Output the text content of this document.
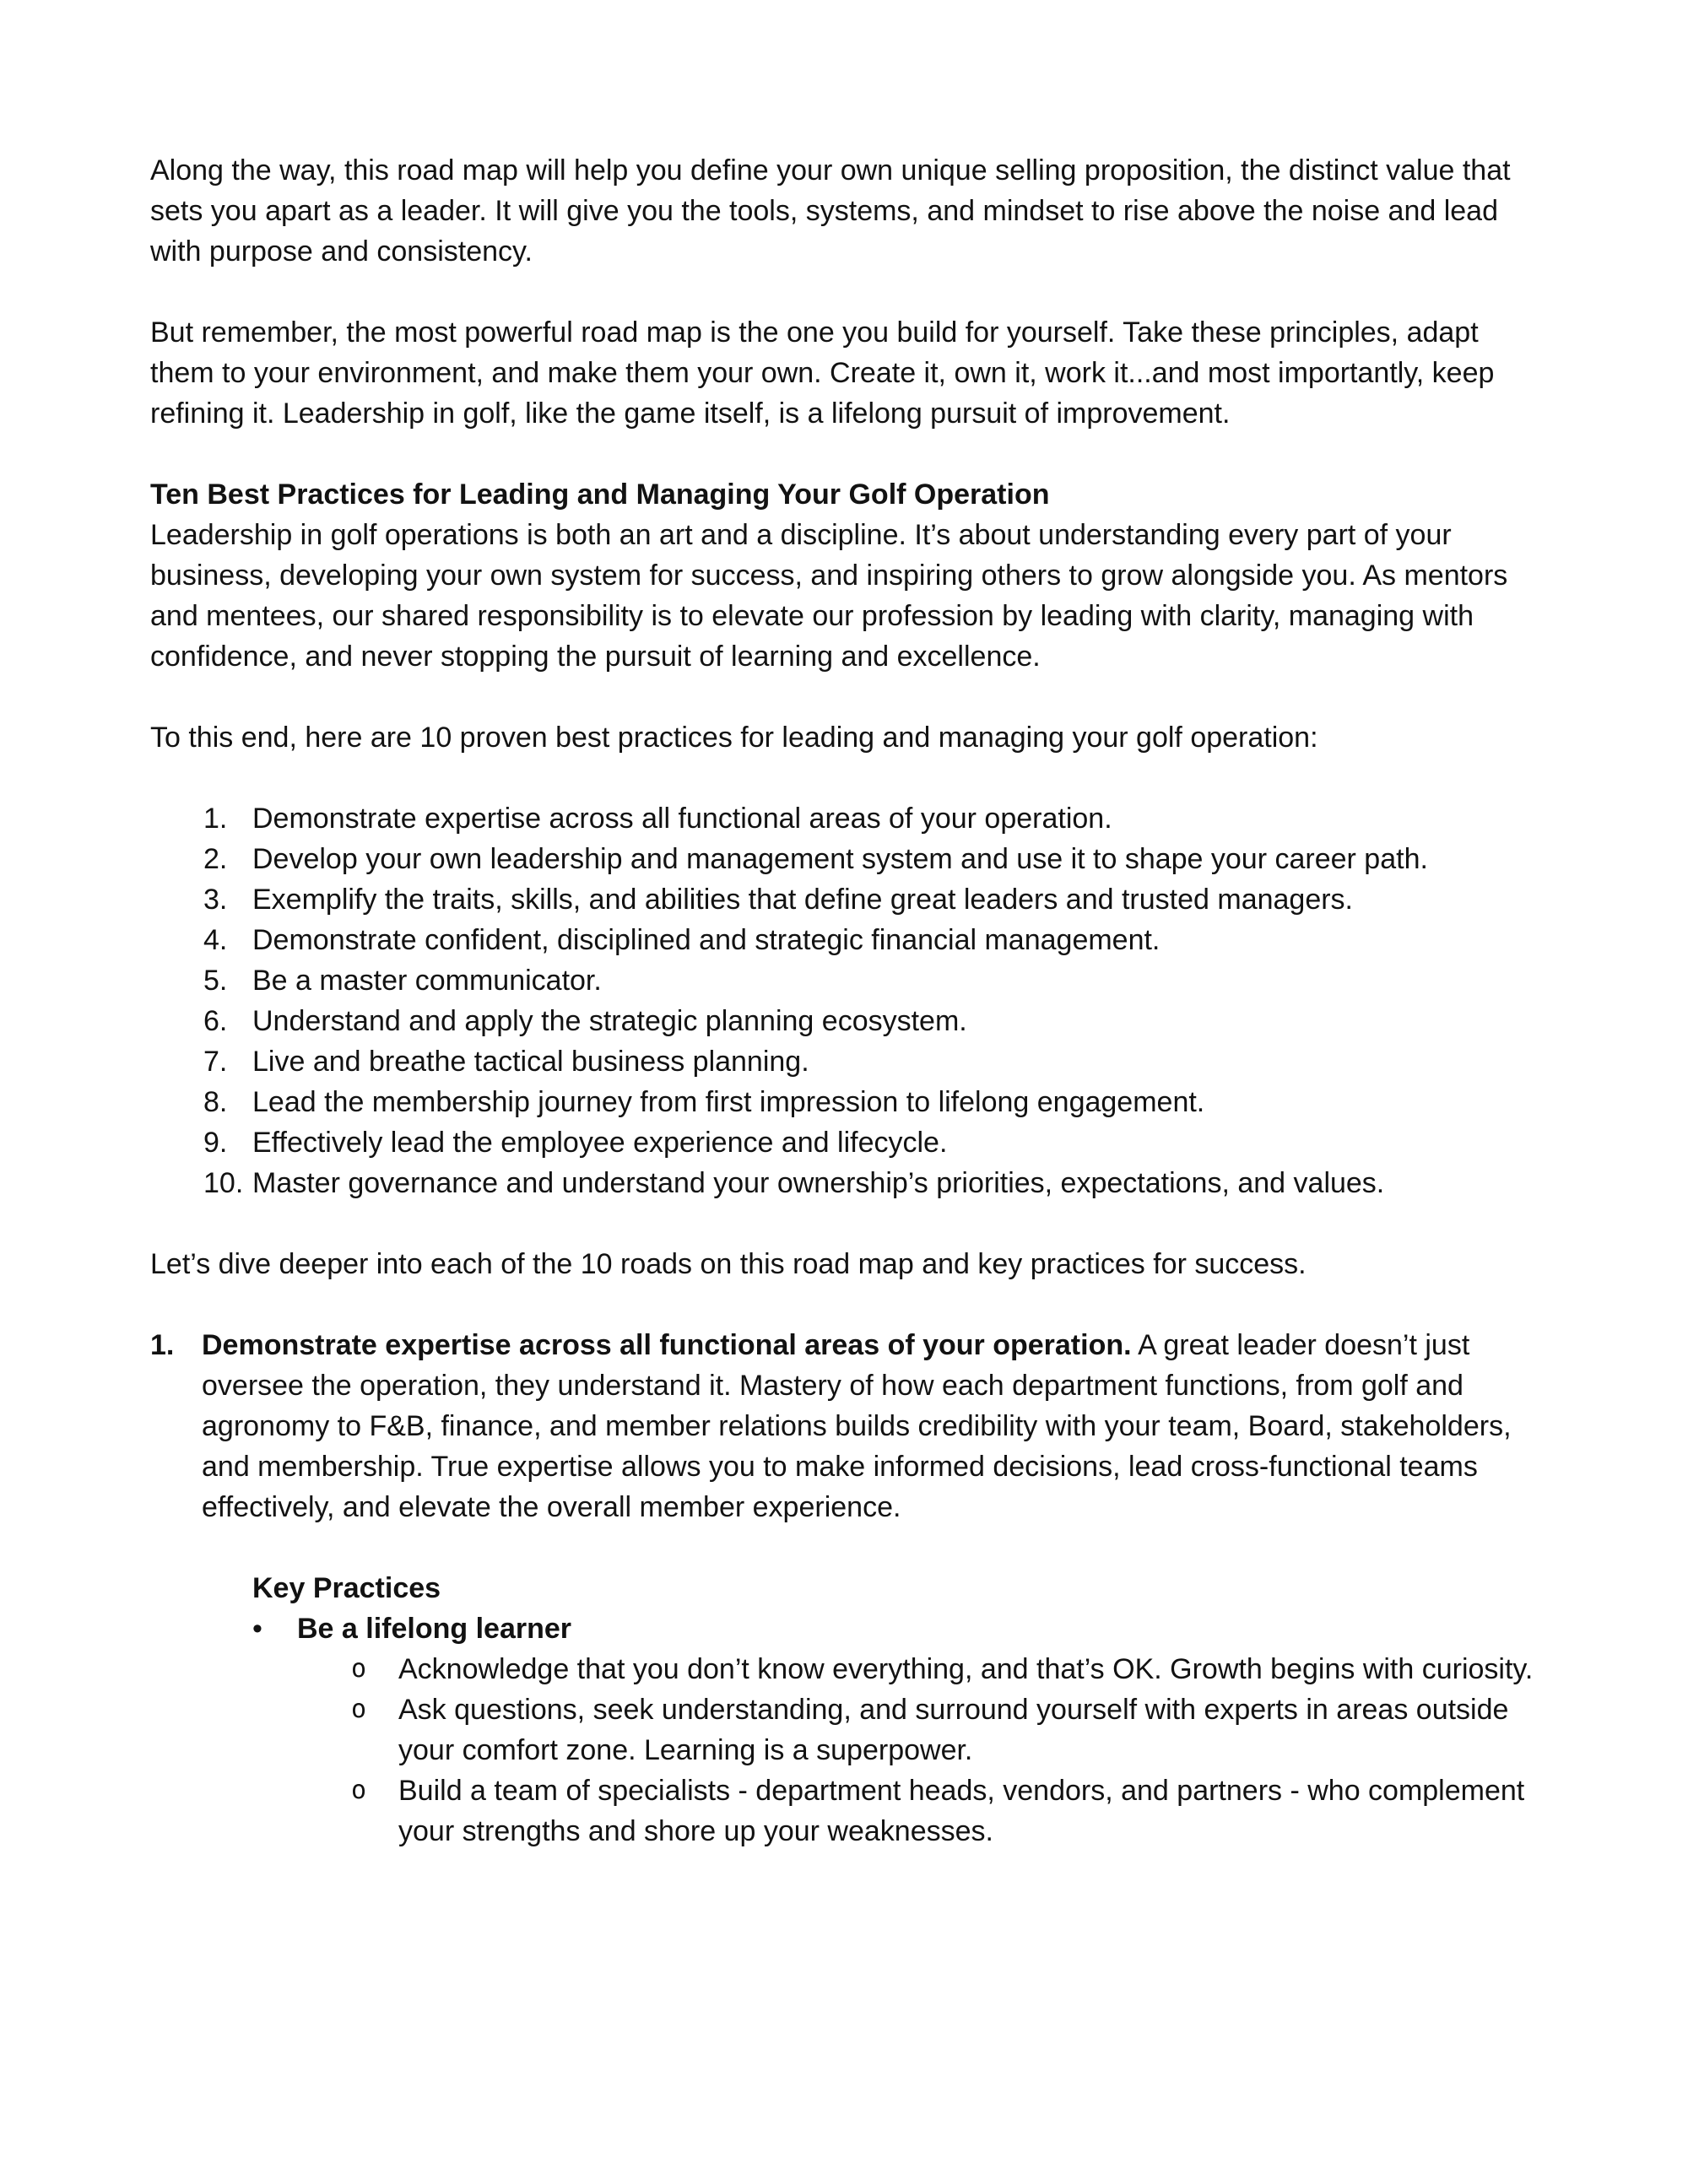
Along the way, this road map will help you define your own unique selling proposition, the distinct value that sets you apart as a leader. It will give you the tools, systems, and mindset to rise above the noise and lead with purpose and consistency.

But remember, the most powerful road map is the one you build for yourself. Take these principles, adapt them to your environment, and make them your own. Create it, own it, work it...and most importantly, keep refining it. Leadership in golf, like the game itself, is a lifelong pursuit of improvement.

Ten Best Practices for Leading and Managing Your Golf Operation

Leadership in golf operations is both an art and a discipline. It’s about understanding every part of your business, developing your own system for success, and inspiring others to grow alongside you. As mentors and mentees, our shared responsibility is to elevate our profession by leading with clarity, managing with confidence, and never stopping the pursuit of learning and excellence.

To this end, here are 10 proven best practices for leading and managing your golf operation:

1. Demonstrate expertise across all functional areas of your operation.
2. Develop your own leadership and management system and use it to shape your career path.
3. Exemplify the traits, skills, and abilities that define great leaders and trusted managers.
4. Demonstrate confident, disciplined and strategic financial management.
5. Be a master communicator.
6. Understand and apply the strategic planning ecosystem.
7. Live and breathe tactical business planning.
8. Lead the membership journey from first impression to lifelong engagement.
9. Effectively lead the employee experience and lifecycle.
10. Master governance and understand your ownership’s priorities, expectations, and values.

Let’s dive deeper into each of the 10 roads on this road map and key practices for success.

1. Demonstrate expertise across all functional areas of your operation. A great leader doesn’t just oversee the operation, they understand it. Mastery of how each department functions, from golf and agronomy to F&B, finance, and member relations builds credibility with your team, Board, stakeholders, and membership. True expertise allows you to make informed decisions, lead cross-functional teams effectively, and elevate the overall member experience.
Key Practices
•	Be a lifelong learner
o	Acknowledge that you don’t know everything, and that’s OK. Growth begins with curiosity.
o	Ask questions, seek understanding, and surround yourself with experts in areas outside your comfort zone. Learning is a superpower.
o	Build a team of specialists - department heads, vendors, and partners - who complement your strengths and shore up your weaknesses.
